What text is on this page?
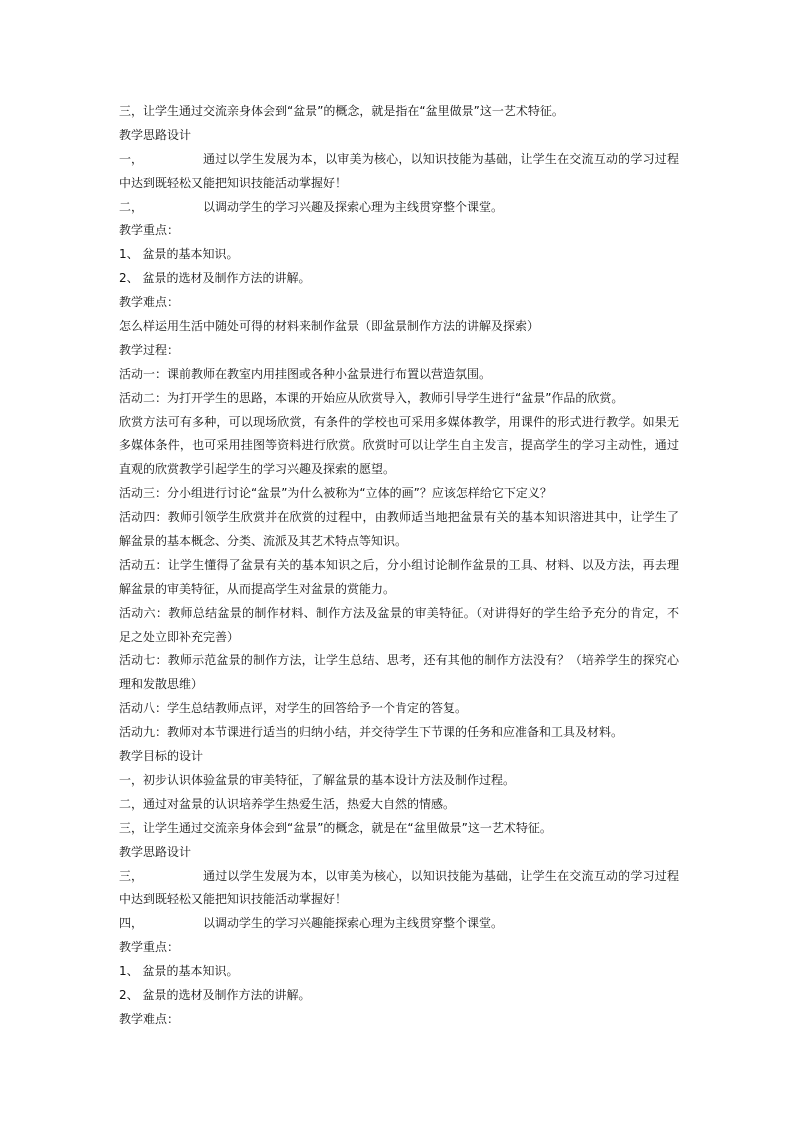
三，让学生通过交流亲身体会到“盆景”的概念，就是指在“盆里做景”这一艺术特征。
教学思路设计
一，	通过以学生发展为本，以审美为核心，以知识技能为基础，让学生在交流互动的学习过程
中达到既轻松又能把知识技能活动掌握好！
二，	以调动学生的学习兴趣及探索心理为主线贯穿整个课堂。
教学重点：
1、 盆景的基本知识。
2、 盆景的选材及制作方法的讲解。
教学难点：
怎么样运用生活中随处可得的材料来制作盆景（即盆景制作方法的讲解及探索）
教学过程：
活动一：课前教师在教室内用挂图或各种小盆景进行布置以营造氛围。
活动二：为打开学生的思路，本课的开始应从欣赏导入，教师引导学生进行“盆景”作品的欣赏。
欣赏方法可有多种，可以现场欣赏，有条件的学校也可采用多媒体教学，用课件的形式进行教学。如果无
多媒体条件，也可采用挂图等资料进行欣赏。欣赏时可以让学生自主发言，提高学生的学习主动性，通过
直观的欣赏教学引起学生的学习兴趣及探索的愿望。
活动三：分小组进行讨论“盆景”为什么被称为“立体的画”？应该怎样给它下定义？
活动四：教师引领学生欣赏并在欣赏的过程中，由教师适当地把盆景有关的基本知识溶进其中，让学生了
解盆景的基本概念、分类、流派及其艺术特点等知识。
活动五：让学生懂得了盆景有关的基本知识之后，分小组讨论制作盆景的工具、材料、以及方法，再去理
解盆景的审美特征，从而提高学生对盆景的赏能力。
活动六：教师总结盆景的制作材料、制作方法及盆景的审美特征。（对讲得好的学生给予充分的肯定，不
足之处立即补充完善）
活动七：教师示范盆景的制作方法，让学生总结、思考，还有其他的制作方法没有？（培养学生的探究心
理和发散思维）
活动八：学生总结教师点评，对学生的回答给予一个肯定的答复。
活动九：教师对本节课进行适当的归纳小结，并交待学生下节课的任务和应准备和工具及材料。
教学目标的设计
一，初步认识体验盆景的审美特征，了解盆景的基本设计方法及制作过程。
二，通过对盆景的认识培养学生热爱生活，热爱大自然的情感。
三，让学生通过交流亲身体会到“盆景”的概念，就是在“盆里做景”这一艺术特征。
教学思路设计
三，	通过以学生发展为本，以审美为核心，以知识技能为基础，让学生在交流互动的学习过程
中达到既轻松又能把知识技能活动掌握好！
四，	以调动学生的学习兴趣能探索心理为主线贯穿整个课堂。
教学重点：
1、 盆景的基本知识。
2、 盆景的选材及制作方法的讲解。
教学难点：
